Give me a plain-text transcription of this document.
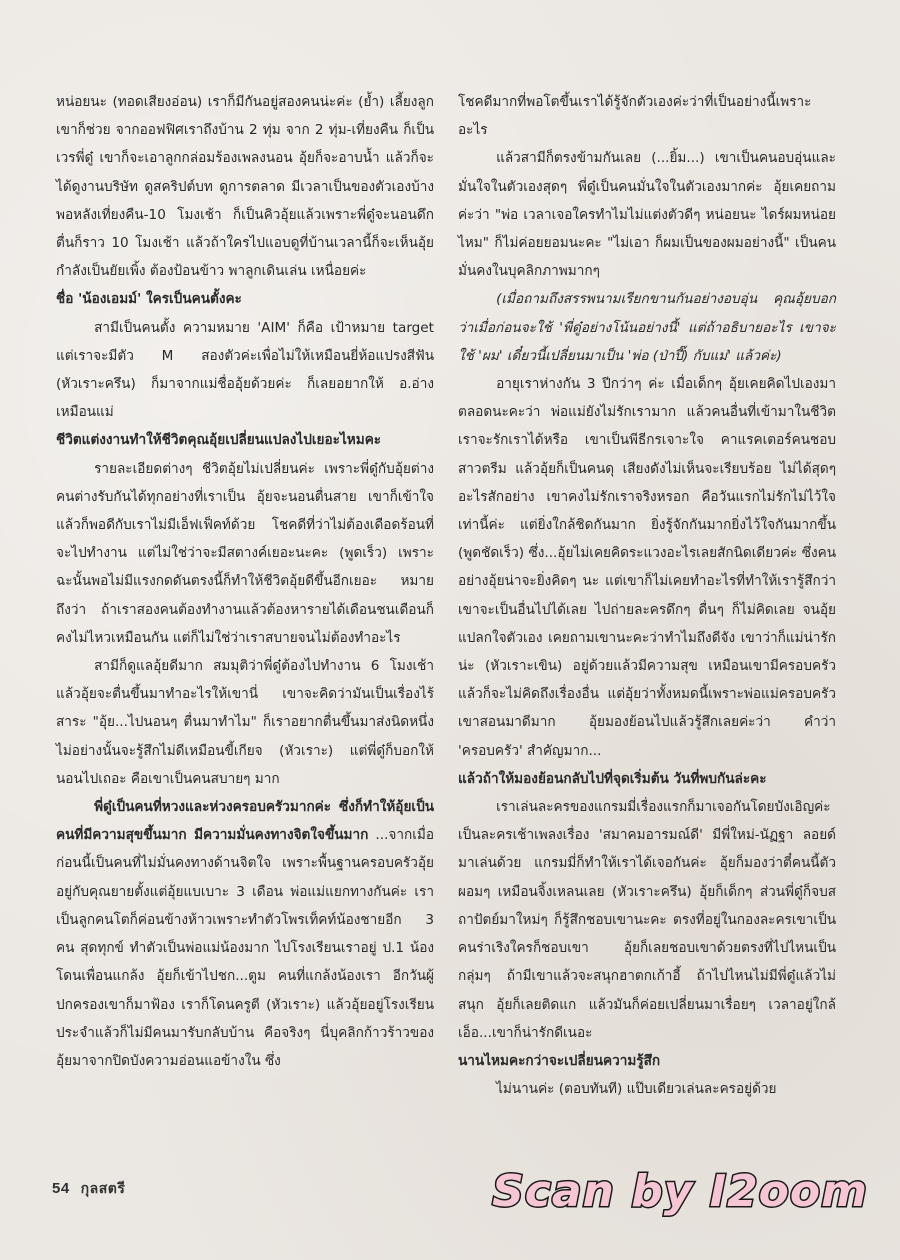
หน่อยนะ (ทอดเสียงอ่อน) เราก็มีกันอยู่สองคนน่ะค่ะ (ย้ำ) เลี้ยงลูกเขาก็ช่วย จากออฟฟิศเราถึงบ้าน 2 ทุ่ม จาก 2 ทุ่ม-เที่ยงคืน ก็เป็นเวรพี่ดู๋ เขาก็จะเอาลูกกล่อมร้องเพลงนอน อุ้ยก็จะอาบน้ำ แล้วก็จะได้ดูงานบริษัท ดูสคริปต์บท ดูการตลาด มีเวลาเป็นของตัวเองบ้าง พอหลังเที่ยงคืน-10 โมงเช้า ก็เป็นคิวอุ้ยแล้วเพราะพี่ดู๋จะนอนดึก ตื่นก็ราว 10 โมงเช้า แล้วถ้าใครไปแอบดูที่บ้านเวลานี้ก็จะเห็นอุ้ยกำลังเป็นยัยเพิ้ง ต้องป้อนข้าว พาลูกเดินเล่น เหนื่อยค่ะ

ชื่อ 'น้องเอมม์' ใครเป็นคนตั้งคะ

สามีเป็นคนตั้ง ความหมาย 'AIM' ก็คือ เป้าหมาย target แต่เราจะมีตัว M สองตัวค่ะเพื่อไม่ให้เหมือนยี่ห้อแปรงสีฟัน (หัวเราะครึน) ก็มาจากแม่ชื่ออุ้ยด้วยค่ะ ก็เลยอยากให้ อ.อ่างเหมือนแม่

ชีวิตแต่งงานทำให้ชีวิตคุณอุ้ยเปลี่ยนแปลงไปเยอะไหมคะ

รายละเอียดต่างๆ ชีวิตอุ้ยไม่เปลี่ยนค่ะ เพราะพี่ดู๋กับอุ้ยต่างคนต่างรับกันได้ทุกอย่างที่เราเป็น อุ้ยจะนอนตื่นสาย เขาก็เข้าใจ แล้วก็พอดีกับเราไม่มีเอ็ฟเฟ็คท์ด้วย โชคดีที่ว่าไม่ต้องเดือดร้อนที่จะไปทำงาน แต่ไม่ใช่ว่าจะมีสตางค์เยอะนะคะ (พูดเร็ว) เพราะฉะนั้นพอไม่มีแรงกดดันตรงนี้ก็ทำให้ชีวิตอุ้ยดีขึ้นอีกเยอะ หมายถึงว่า ถ้าเราสองคนต้องทำงานแล้วต้องหารายได้เดือนชนเดือนก็คงไม่ไหวเหมือนกัน แต่ก็ไม่ใช่ว่าเราสบายจนไม่ต้องทำอะไร

สามีก็ดูแลอุ้ยดีมาก สมมุติว่าพี่ดู๋ต้องไปทำงาน 6 โมงเช้า แล้วอุ้ยจะตื่นขึ้นมาทำอะไรให้เขานี่ เขาจะคิดว่ามันเป็นเรื่องไร้สาระ "อุ้ย...ไปนอนๆ ตื่นมาทำไม" ก็เราอยากตื่นขึ้นมาส่งนิดหนึ่ง ไม่อย่างนั้นจะรู้สึกไม่ดีเหมือนขี้เกียจ (หัวเราะ) แต่พี่ดู๋ก็บอกให้นอนไปเถอะ คือเขาเป็นคนสบายๆ มาก

พี่ดู๋เป็นคนที่หวงและห่วงครอบครัวมากค่ะ ซึ่งก็ทำให้อุ้ยเป็นคนที่มีความสุขขึ้นมาก มีความมั่นคงทางจิตใจขึ้นมาก ...จากเมื่อก่อนนี้เป็นคนที่ไม่มั่นคงทางด้านจิตใจ เพราะพื้นฐานครอบครัวอุ้ยอยู่กับคุณยายตั้งแต่อุ้ยแบเบาะ 3 เดือน พ่อแม่แยกทางกันค่ะ เราเป็นลูกคนโตก็ค่อนข้างห้าวเพราะทำตัวโพรเท็คท์น้องชายอีก 3 คน สุดทุกข์ ทำตัวเป็นพ่อแม่น้องมาก ไปโรงเรียนเราอยู่ ป.1 น้องโดนเพื่อนแกล้ง อุ้ยก็เข้าไปชก...ตูม คนที่แกล้งน้องเรา อีกวันผู้ปกครองเขาก็มาฟ้อง เราก็โดนครูตี (หัวเราะ) แล้วอุ้ยอยู่โรงเรียนประจำแล้วก็ไม่มีคนมารับกลับบ้าน คือจริงๆ นี่บุคลิกก้าวร้าวของอุ้ยมาจากปิดบังความอ่อนแอข้างใน ซึ่ง

โชคดีมากที่พอโตขึ้นเราได้รู้จักตัวเองค่ะว่าที่เป็นอย่างนี้เพราะอะไร

แล้วสามีก็ตรงข้ามกันเลย (...ยิ้ม...) เขาเป็นคนอบอุ่นและมั่นใจในตัวเองสุดๆ พี่ดู๋เป็นคนมั่นใจในตัวเองมากค่ะ อุ้ยเคยถามค่ะว่า "พ่อ เวลาเจอใครทำไมไม่แต่งตัวดีๆ หน่อยนะ ไดร์ผมหน่อยไหม" ก็ไม่ค่อยยอมนะคะ "ไม่เอา ก็ผมเป็นของผมอย่างนี้" เป็นคนมั่นคงในบุคลิกภาพมากๆ

(เมื่อถามถึงสรรพนามเรียกขานกันอย่างอบอุ่น คุณอุ้ยบอกว่าเมื่อก่อนจะใช้ 'พี่ดู๋อย่างโน้นอย่างนี้' แต่ถ้าอธิบายอะไร เขาจะใช้ 'ผม' เดี๋ยวนี้เปลี่ยนมาเป็น 'พ่อ (ป่าปี๊) กับแม่' แล้วค่ะ)

อายุเราห่างกัน 3 ปีกว่าๆ ค่ะ เมื่อเด็กๆ อุ้ยเคยคิดไปเองมาตลอดนะคะว่า พ่อแม่ยังไม่รักเรามาก แล้วคนอื่นที่เข้ามาในชีวิตเราจะรักเราได้หรือ เขาเป็นพีธีกรเจาะใจ คาแรคเตอร์คนชอบ สาวตรีม แล้วอุ้ยก็เป็นคนดุ เสียงดังไม่เห็นจะเรียบร้อย ไม่ได้สุดๆ อะไรสักอย่าง เขาคงไม่รักเราจริงหรอก คือวันแรกไม่รักไม่ไว้ใจเท่านี้ค่ะ แต่ยิ่งใกล้ชิดกันมาก ยิ่งรู้จักกันมากยิ่งไว้ใจกันมากขึ้น (พูดชัดเร็ว) ซึ่ง...อุ้ยไม่เคยคิดระแวงอะไรเลยสักนิดเดียวค่ะ ซึ่งคนอย่างอุ้ยน่าจะยิ่งคิดๆ นะ แต่เขาก็ไม่เคยทำอะไรที่ทำให้เรารู้สึกว่าเขาจะเป็นอื่นไปได้เลย ไปถ่ายละครดึกๆ ดื่นๆ ก็ไม่คิดเลย จนอุ้ยแปลกใจตัวเอง เคยถามเขานะคะว่าทำไมถึงดีจัง เขาว่าก็แม่น่ารักน่ะ (หัวเราะเขิน) อยู่ด้วยแล้วมีความสุข เหมือนเขามีครอบครัวแล้วก็จะไม่คิดถึงเรื่องอื่น แต่อุ้ยว่าทั้งหมดนี้เพราะพ่อแม่ครอบครัวเขาสอนมาดีมาก อุ้ยมองย้อนไปแล้วรู้สึกเลยค่ะว่า คำว่า 'ครอบครัว' สำคัญมาก...

แล้วถ้าให้มองย้อนกลับไปที่จุดเริ่มต้น วันที่พบกันล่ะคะ

เราเล่นละครของแกรมมี่เรื่องแรกก็มาเจอกันโดยบังเอิญค่ะ เป็นละครเช้าเพลงเรื่อง 'สมาคมอารมณ์ดี' มีพี่ใหม่-นัฏฐา ลอยด์ มาเล่นด้วย แกรมมี่ก็ทำให้เราได้เจอกันค่ะ อุ้ยก็มองว่าตี๋คนนี้ตัวผอมๆ เหมือนจิ้งเหลนเลย (หัวเราะครึน) อุ้ยก็เด็กๆ ส่วนพี่ดู๋ก็จบสถาปัตย์มาใหม่ๆ ก็รู้สึกชอบเขานะคะ ตรงที่อยู่ในกองละครเขาเป็นคนร่าเริงใครก็ชอบเขา อุ้ยก็เลยชอบเขาด้วยตรงที่ไปไหนเป็นกลุ่มๆ ถ้ามีเขาแล้วจะสนุกฮาตกเก้าอี้ ถ้าไปไหนไม่มีพี่ดู๋แล้วไม่สนุก อุ้ยก็เลยติดแก แล้วมันก็ค่อยเปลี่ยนมาเรื่อยๆ เวลาอยู่ใกล้เอ็อ...เขาก็น่ารักดีเนอะ

นานไหมคะกว่าจะเปลี่ยนความรู้สึก

ไม่นานค่ะ (ตอบทันที) แป๊บเดียวเล่นละครอยู่ด้วย

54 กุลสตรี	Scan by I2oom
